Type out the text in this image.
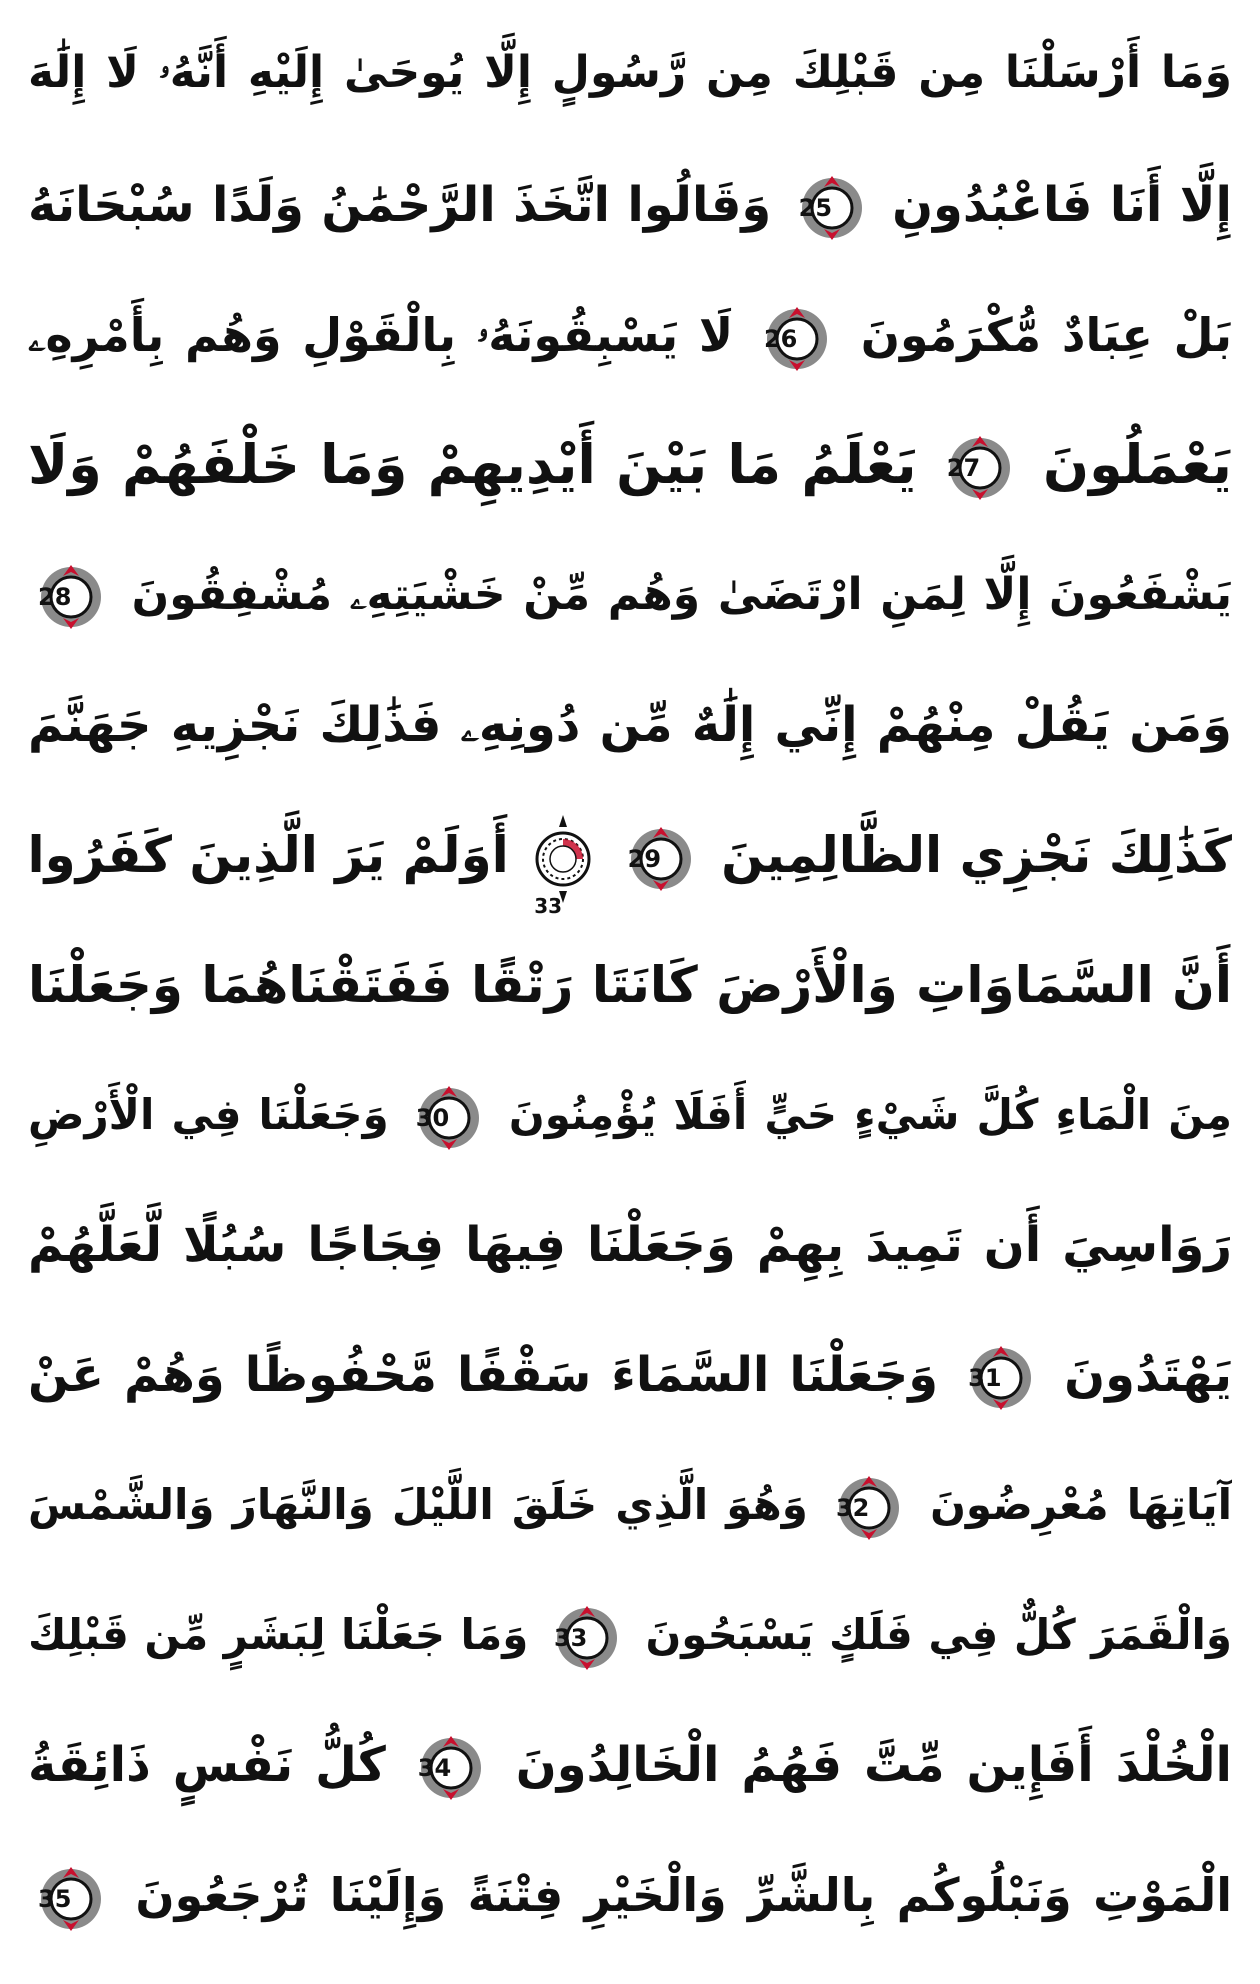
وَمَا أَرْسَلْنَا مِن قَبْلِكَ مِن رَّسُولٍ إِلَّا يُوحَىٰ إِلَيْهِ أَنَّهُۥ لَا إِلَٰهَ
إِلَّا أَنَا فَاعْبُدُونِ
25
وَقَالُوا اتَّخَذَ الرَّحْمَٰنُ وَلَدًا سُبْحَانَهُ
بَلْ عِبَادٌ مُّكْرَمُونَ
26
لَا يَسْبِقُونَهُۥ بِالْقَوْلِ وَهُم بِأَمْرِهِۦ
يَعْمَلُونَ
27
يَعْلَمُ مَا بَيْنَ أَيْدِيهِمْ وَمَا خَلْفَهُمْ وَلَا
يَشْفَعُونَ إِلَّا لِمَنِ ارْتَضَىٰ وَهُم مِّنْ خَشْيَتِهِۦ مُشْفِقُونَ
28
وَمَن يَقُلْ مِنْهُمْ إِنِّي إِلَٰهٌ مِّن دُونِهِۦ فَذَٰلِكَ نَجْزِيهِ جَهَنَّمَ
كَذَٰلِكَ نَجْزِي الظَّالِمِينَ
29

33
أَوَلَمْ يَرَ الَّذِينَ كَفَرُوا
أَنَّ السَّمَاوَاتِ وَالْأَرْضَ كَانَتَا رَتْقًا فَفَتَقْنَاهُمَا وَجَعَلْنَا
مِنَ الْمَاءِ كُلَّ شَيْءٍ حَيٍّ أَفَلَا يُؤْمِنُونَ
30
وَجَعَلْنَا فِي الْأَرْضِ
رَوَاسِيَ أَن تَمِيدَ بِهِمْ وَجَعَلْنَا فِيهَا فِجَاجًا سُبُلًا لَّعَلَّهُمْ
يَهْتَدُونَ
31
وَجَعَلْنَا السَّمَاءَ سَقْفًا مَّحْفُوظًا وَهُمْ عَنْ
آيَاتِهَا مُعْرِضُونَ
32
وَهُوَ الَّذِي خَلَقَ اللَّيْلَ وَالنَّهَارَ وَالشَّمْسَ
وَالْقَمَرَ كُلٌّ فِي فَلَكٍ يَسْبَحُونَ
33
وَمَا جَعَلْنَا لِبَشَرٍ مِّن قَبْلِكَ
الْخُلْدَ أَفَإِين مِّتَّ فَهُمُ الْخَالِدُونَ
34
كُلُّ نَفْسٍ ذَائِقَةُ
الْمَوْتِ وَنَبْلُوكُم بِالشَّرِّ وَالْخَيْرِ فِتْنَةً وَإِلَيْنَا تُرْجَعُونَ
35
